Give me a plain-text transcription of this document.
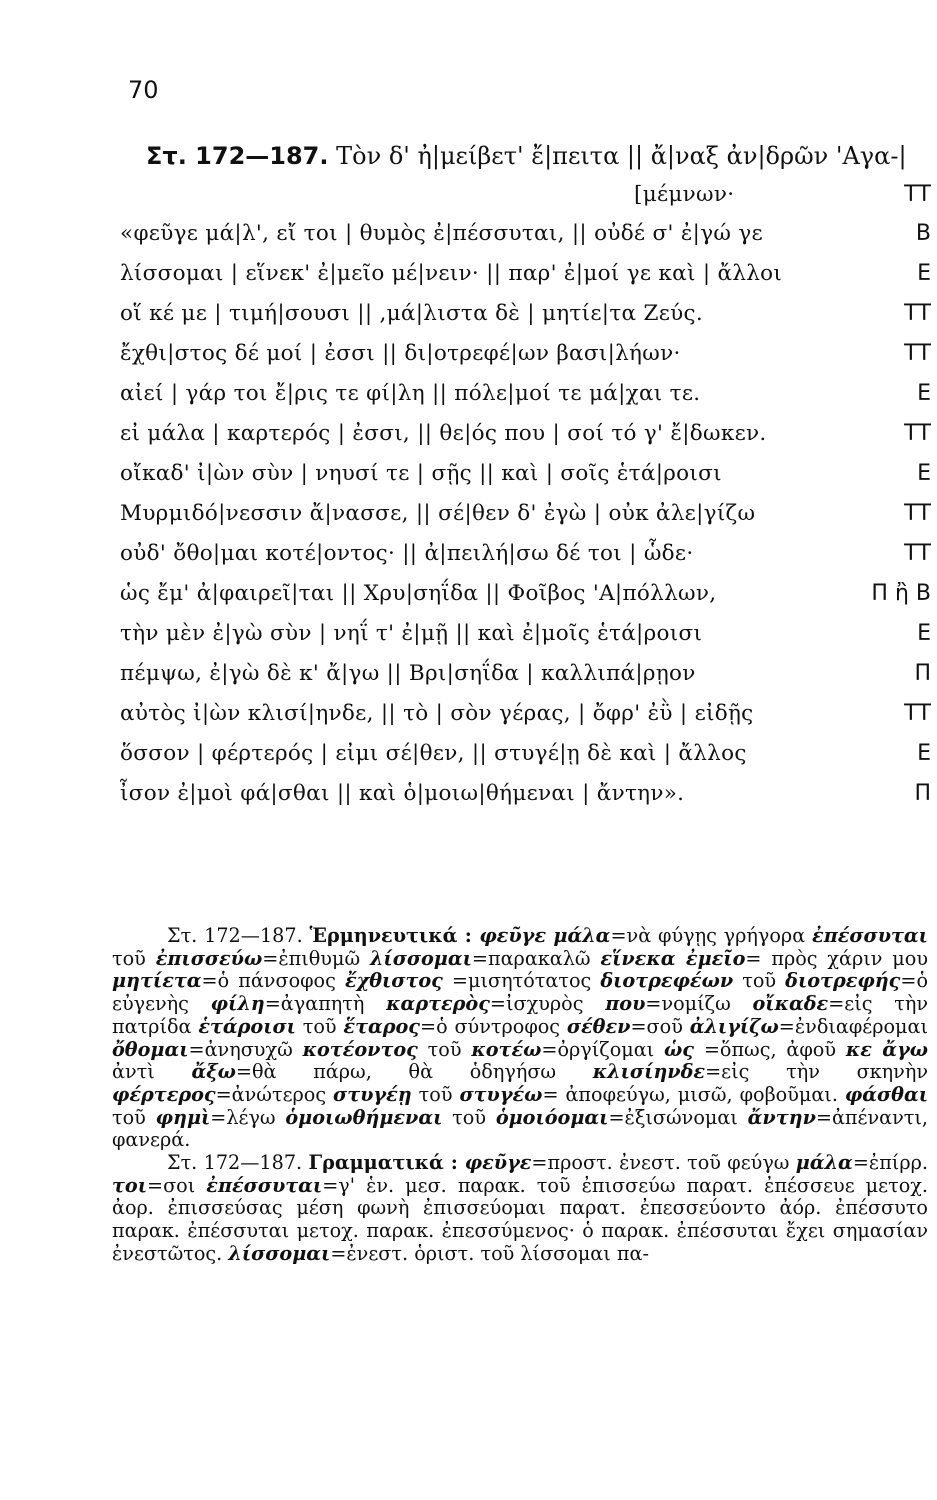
70
Στ. 172—187. Τὸν δ' ἠ|μείβετ' ἔ|πειτα || ἄ|ναξ ἀν|δρῶν 'Αγα-|
[μέμνων·	ΤΤ
«φεῦγε μά|λ', εἴ τοι | θυμὸς ἐ|πέσσυται, || οὐδέ σ' ἐ|γώ γε	Β
λίσσομαι | εἵνεκ' ἐ|μεῖο μέ|νειν· || παρ' ἐ|μοί γε καὶ | ἄλλοι	Ε
οἵ κέ με | τιμή|σουσι || ,μά|λιστα δὲ | μητίε|τα Ζεύς.	ΤΤ
ἔχθι|στος δέ μοί | ἐσσι || δι|οτρεφέ|ων βασι|λήων·	ΤΤ
αἰεί | γάρ τοι ἔ|ρις τε φί|λη || πόλε|μοί τε μά|χαι τε.	Ε
εἰ μάλα | καρτερός | ἐσσι, || θε|ός που | σοί τό γ' ἔ|δωκεν.	ΤΤ
οἴκαδ' ἰ|ὼν σὺν | νηυσί τε | σῇς || καὶ | σοῖς ἑτά|ροισι	Ε
Μυρμιδό|νεσσιν ἄ|νασσε, || σέ|θεν δ' ἐγὼ | οὐκ ἀλε|γίζω	ΤΤ
οὐδ' ὄθο|μαι κοτέ|οντος· || ἀ|πειλή|σω δέ τοι | ὧδε·	ΤΤ
ὡς ἔμ' ἀ|φαιρεῖ|ται || Χρυ|σηΐδα || Φοῖβος 'Α|πόλλων,	Π ἢ Β
τὴν μὲν ἐ|γὼ σὺν | νηΐ τ' ἐ|μῇ || καὶ ἐ|μοῖς ἑτά|ροισι	Ε
πέμψω, ἐ|γὼ δὲ κ' ἄ|γω || Βρι|σηΐδα | καλλιπά|ρῃον	Π
αὐτὸς ἰ|ὼν κλισί|ηνδε, || τὸ | σὸν γέρας, | ὄφρ' ἐῢ | εἰδῇς	ΤΤ
ὅσσον | φέρτερός | εἰμι σέ|θεν, || στυγέ|ῃ δὲ καὶ | ἄλλος	Ε
ἶσον ἐ|μοὶ φά|σθαι || καὶ ὁ|μοιω|θήμεναι | ἄντην».	Π

Στ. 172—187. Ἑρμηνευτικά : φεῦγε μάλα=νὰ φύγῃς γρήγορα ἐπέσσυται τοῦ ἐπισσεύω=ἐπιθυμῶ λίσσομαι=παρακαλῶ εἵνεκα ἐμεῖο= πρὸς χάριν μου μητίετα=ὁ πάνσοφος ἔχθιστος =μισητότατος διοτρεφέων τοῦ διοτρεφής=ὁ εὐγενὴς φίλη=ἀγαπητὴ καρτερὸς=ἰσχυρὸς που=νομίζω οἴκαδε=εἰς τὴν πατρίδα ἑτάροισι τοῦ ἕταρος=ὁ σύντροφος σέθεν=σοῦ ἀλιγίζω=ἐνδιαφέρομαι ὄθομαι=ἀνησυχῶ κοτέοντος τοῦ κοτέω=ὀργίζομαι ὡς =ὅπως, ἀφοῦ κε ἄγω ἀντὶ ἄξω=θὰ πάρω, θὰ ὁδηγήσω κλισίηνδε=εἰς τὴν σκηνὴν φέρτερος=ἀνώτερος στυγέῃ τοῦ στυγέω= ἀποφεύγω, μισῶ, φοβοῦμαι. φάσθαι τοῦ φημὶ=λέγω ὁμοιωθήμεναι τοῦ ὁμοιόομαι=ἐξισώνομαι ἄντην=ἀπέναντι, φανερά.

Στ. 172—187. Γραμματικά : φεῦγε=προστ. ἐνεστ. τοῦ φεύγω μάλα=ἐπίρρ. τοι=σοι ἐπέσσυται=γ' ἑν. μεσ. παρακ. τοῦ ἐπισσεύω παρατ. ἐπέσσευε μετοχ. ἀορ. ἐπισσεύσας μέση φωνὴ ἐπισσεύομαι παρατ. ἐπεσσεύοντο ἀόρ. ἐπέσσυτο παρακ. ἐπέσσυται μετοχ. παρακ. ἐπεσσύμενος· ὁ παρακ. ἐπέσσυται ἔχει σημασίαν ἐνεστῶτος. λίσσομαι=ἐνεστ. ὁριστ. τοῦ λίσσομαι πα-
